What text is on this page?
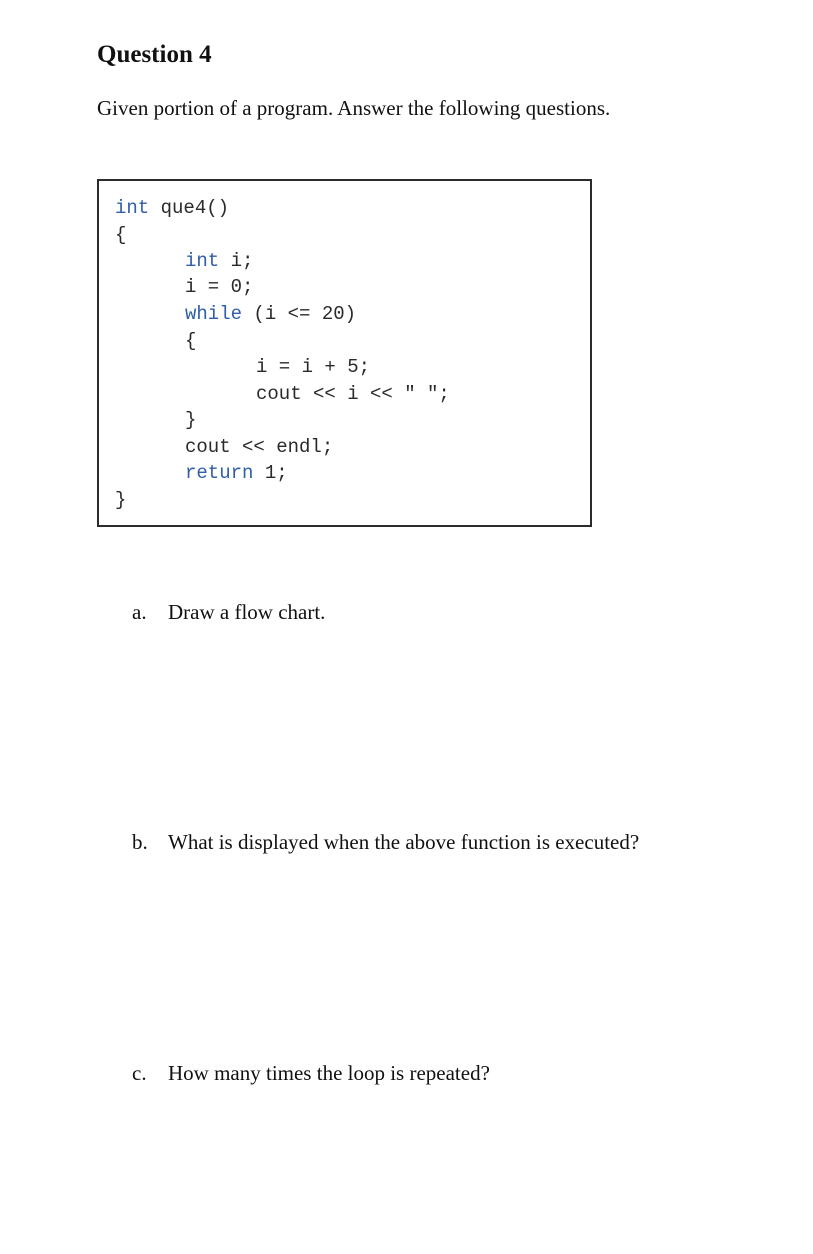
Question 4

Given portion of a program. Answer the following questions.

int que4()
{
int i;
i = 0;
while (i <= 20)
{
i = i + 5;
cout << i << " ";
}
cout << endl;
return 1;
}

a. Draw a flow chart.

b. What is displayed when the above function is executed?

c. How many times the loop is repeated?
